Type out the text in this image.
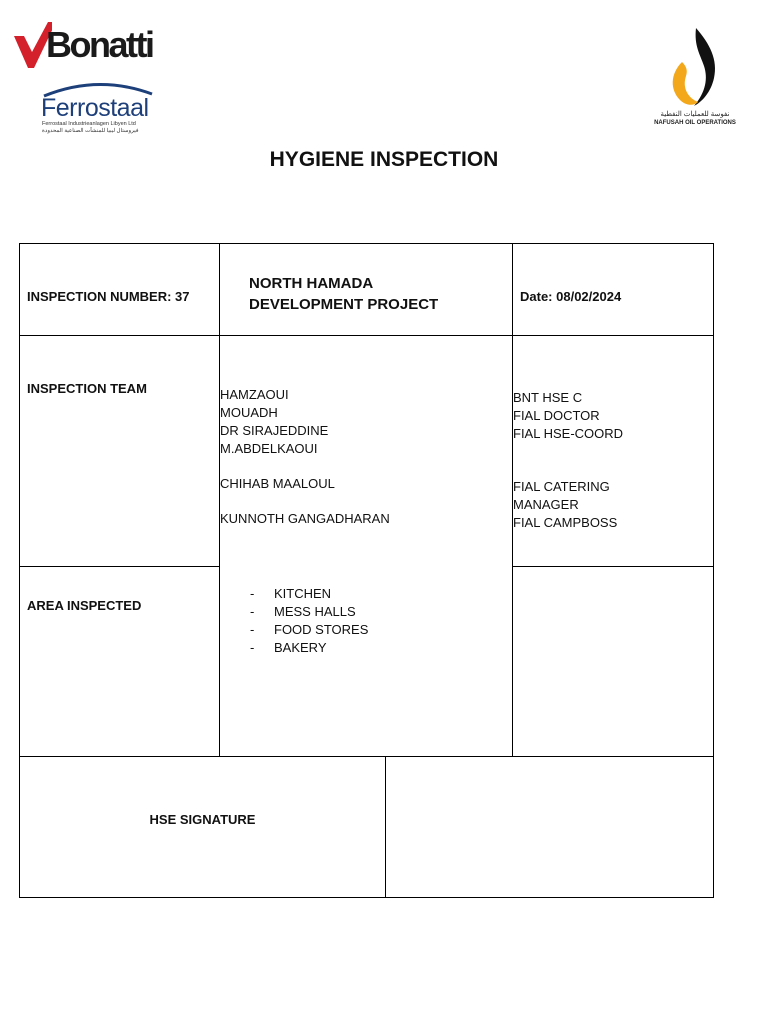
Bonatti
Ferrostaal
Ferrostaal Industrieanlagen Libyen Ltd
فيروستال ليبيا للمنشآت الصناعية المحدودة
نفوسة للعمليات النفطية
NAFUSAH OIL OPERATIONS
HYGIENE INSPECTION
INSPECTION NUMBER: 37
NORTH HAMADA
DEVELOPMENT PROJECT	Date: 08/02/2024
INSPECTION TEAM	HAMZAOUI
MOUADH
DR SIRAJEDDINE
M.ABDELKAOUI
CHIHAB MAALOUL
KUNNOTH GANGADHARAN
BNT HSE C
FIAL DOCTOR
FIAL HSE-COORD
FIAL CATERING
MANAGER
FIAL CAMPBOSS
AREA INSPECTED
- KITCHEN
- MESS HALLS
- FOOD STORES
- BAKERY
HSE SIGNATURE
